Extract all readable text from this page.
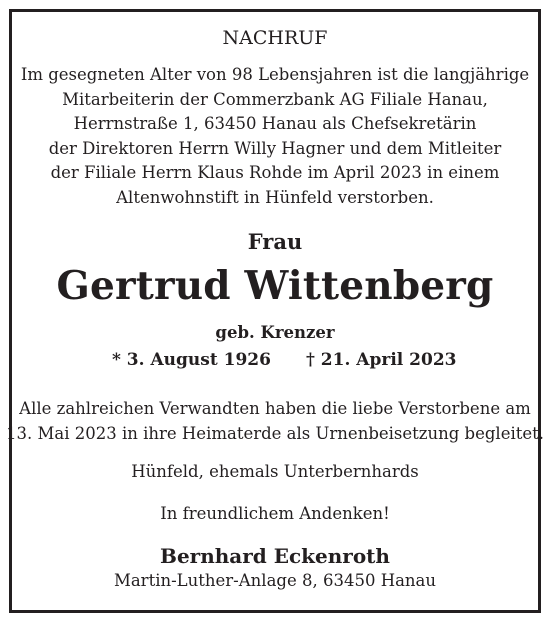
NACHRUF
Im gesegneten Alter von 98 Lebensjahren ist die langjährige
Mitarbeiterin der Commerzbank AG Filiale Hanau,
Herrnstraße 1, 63450 Hanau als Chefsekretärin
der Direktoren Herrn Willy Hagner und dem Mitleiter
der Filiale Herrn Klaus Rohde im April 2023 in einem
Altenwohnstift in Hünfeld verstorben.
Frau
Gertrud Wittenberg
geb. Krenzer
* 3. August 1926 † 21. April 2023
Alle zahlreichen Verwandten haben die liebe Verstorbene am
13. Mai 2023 in ihre Heimaterde als Urnenbeisetzung begleitet.
Hünfeld, ehemals Unterbernhards
In freundlichem Andenken!
Bernhard Eckenroth
Martin-Luther-Anlage 8, 63450 Hanau
